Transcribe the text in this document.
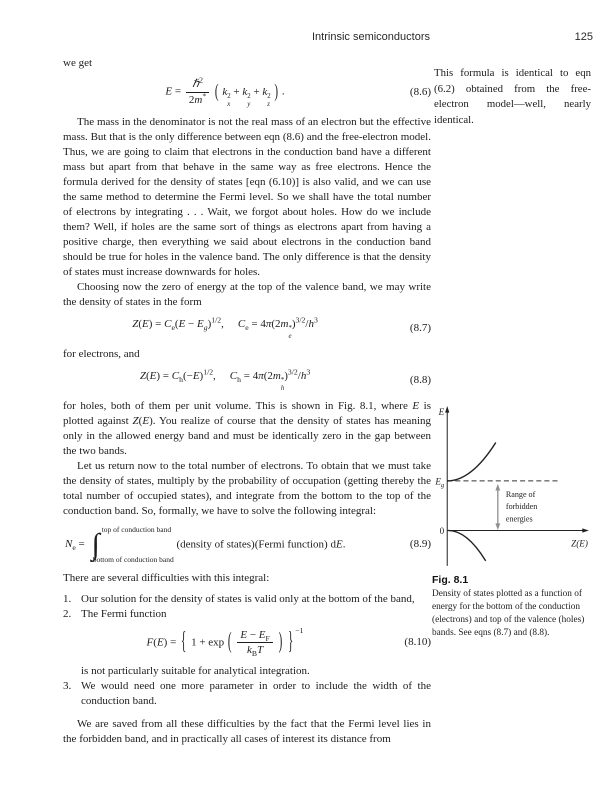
Intrinsic semiconductors	125

we get

$E = \frac{\hbar^2}{2m^*}$ ( k 2
x
+ k 2
y
+ k 2
z
) .	(8.6)

The mass in the denominator is not the real mass of an electron but the effective mass. But that is the only difference between eqn (8.6) and the free-electron model. Thus, we are going to claim that electrons in the conduction band have a different mass but apart from that behave in the same way as free electrons. Hence the formula derived for the density of states [eqn (6.10)] is also valid, and we can use the same method to determine the Fermi level. So we shall have the total number of electrons by integrating . . . Wait, we forgot about holes. How do we include them? Well, if holes are the same sort of things as electrons apart from having a positive charge, then everything we said about electrons in the conduction band should be true for holes in the valence band. The only difference is that the density of states must increase downwards for holes.

Choosing now the zero of energy at the top of the valence band, we may write the density of states in the form

$Z(E) = C_e(E - E_g)^{1/2}$, $C_e = 4\pi(2m$ *
e
)$^{3/2}/h^3$
(8.7)

for electrons, and

$Z(E) = C_h(-E)^{1/2}$, $C_h = 4\pi(2m$ *
h
)$^{3/2}/h^3$
(8.8)

for holes, both of them per unit volume. This is shown in Fig. 8.1, where E is plotted against Z(E). You realize of course that the density of states has meaning only in the allowed energy band and must be identically zero in the gap between the two bands.

Let us return now to the total number of electrons. To obtain that we must take the density of states, multiply by the probability of occupation (getting thereby the total number of occupied states), and integrate from the bottom to the top of the conduction band. So, formally, we have to solve the following integral:

$N_e$ = ∫ top of conduction band
bottom of conduction band
(density of states)(Fermi function) dE.	(8.9)

There are several difficulties with this integral:

1. Our solution for the density of states is valid only at the bottom of the band,
2. The Fermi function
F(E) = { 1 + exp ( $\frac{E - E_F}{k_BT}$ ) } $^{-1}$
(8.10)
is not particularly suitable for analytical integration.
3. We would need one more parameter in order to include the width of the conduction band.

We are saved from all these difficulties by the fact that the Fermi level lies in the forbidden band, and in practically all cases of interest its distance from

This formula is identical to eqn (6.2) obtained from the free-electron model—well, nearly identical.
E
$E_g$
0
Z(E)
Range of
forbidden
energies
Fig. 8.1
Density of states plotted as a function of energy for the bottom of the conduction (electrons) and top of the valence (holes) bands. See eqns (8.7) and (8.8).
